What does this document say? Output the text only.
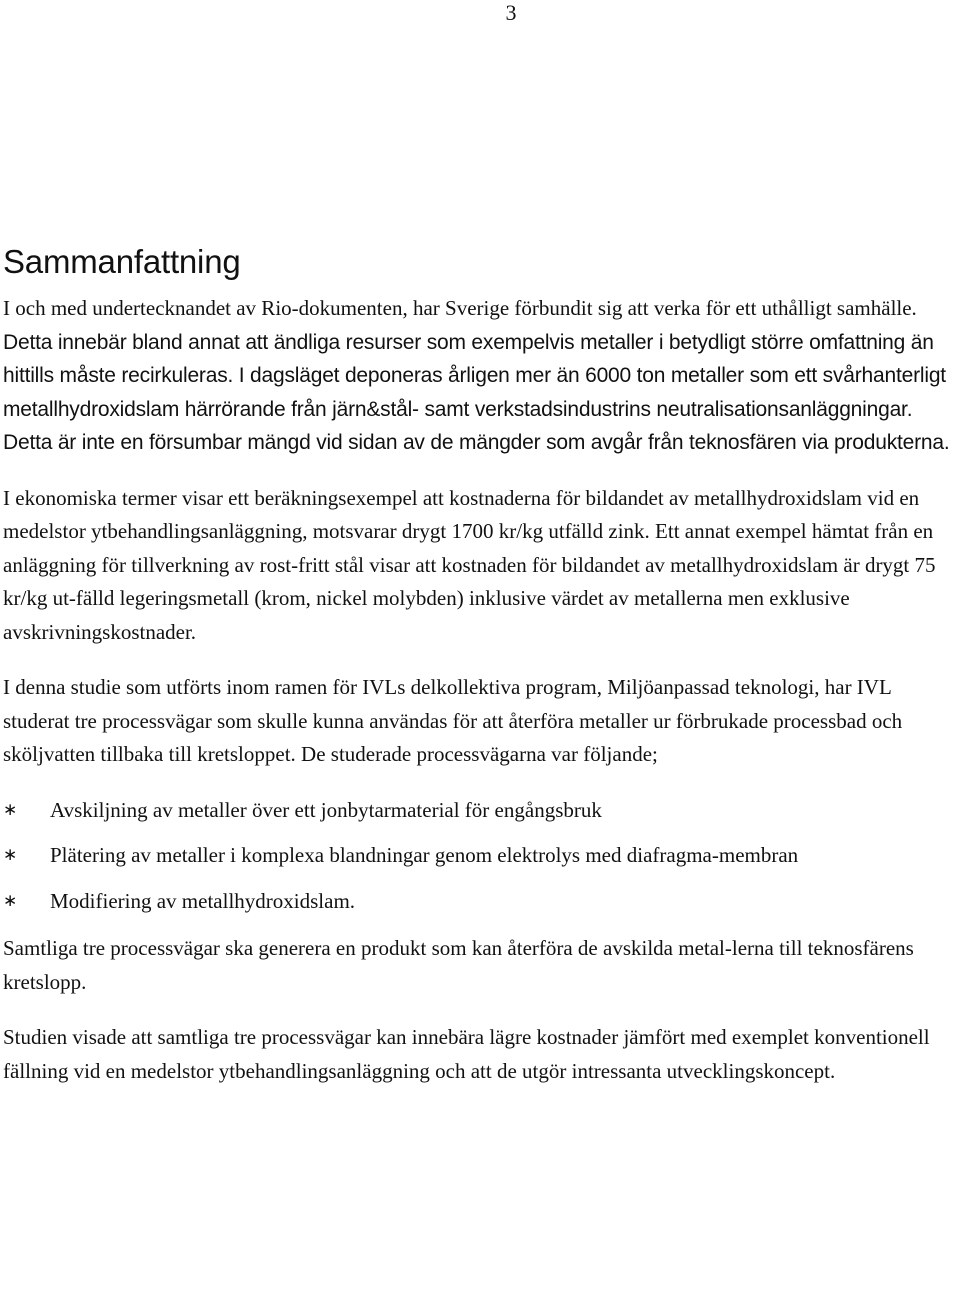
3
Sammanfattning

I och med undertecknandet av Rio-dokumenten, har Sverige förbundit sig att verka för ett uthålligt samhälle. Detta innebär bland annat att ändliga resurser som exempelvis metaller i betydligt större omfattning än hittills måste recirkuleras. I dagsläget deponeras årligen mer än 6000 ton metaller som ett svårhanterligt metallhydroxidslam härrörande från järn&stål- samt verkstadsindustrins neutralisationsanläggningar. Detta är inte en försumbar mängd vid sidan av de mängder som avgår från teknosfären via produkterna.

I ekonomiska termer visar ett beräkningsexempel att kostnaderna för bildandet av metallhydroxidslam vid en medelstor ytbehandlingsanläggning, motsvarar drygt 1700 kr/kg utfälld zink. Ett annat exempel hämtat från en anläggning för tillverkning av rost-fritt stål visar att kostnaden för bildandet av metallhydroxidslam är drygt 75 kr/kg ut-fälld legeringsmetall (krom, nickel molybden) inklusive värdet av metallerna men exklusive avskrivningskostnader.

I denna studie som utförts inom ramen för IVLs delkollektiva program, Miljöanpassad teknologi, har IVL studerat tre processvägar som skulle kunna användas för att återföra metaller ur förbrukade processbad och sköljvatten tillbaka till kretsloppet. De studerade processvägarna var följande;

∗ Avskiljning av metaller över ett jonbytarmaterial för engångsbruk
∗ Plätering av metaller i komplexa blandningar genom elektrolys med diafragma-membran
∗ Modifiering av metallhydroxidslam.

Samtliga tre processvägar ska generera en produkt som kan återföra de avskilda metal-lerna till teknosfärens kretslopp.

Studien visade att samtliga tre processvägar kan innebära lägre kostnader jämfört med exemplet konventionell fällning vid en medelstor ytbehandlingsanläggning och att de utgör intressanta utvecklingskoncept.
